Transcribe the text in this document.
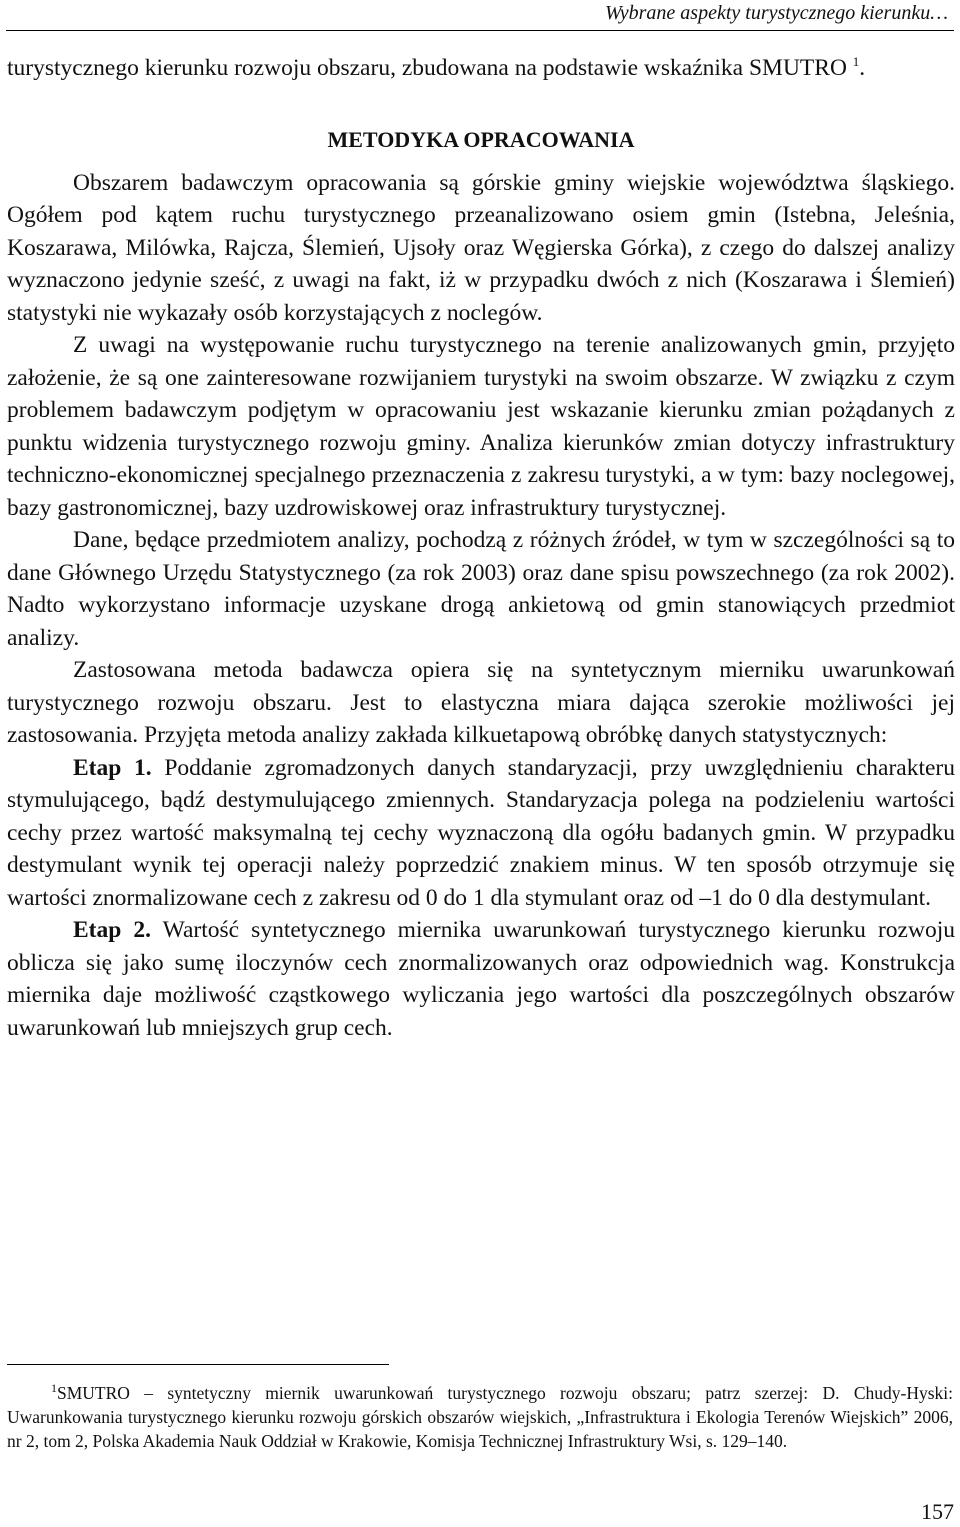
Wybrane aspekty turystycznego kierunku…

turystycznego kierunku rozwoju obszaru, zbudowana na podstawie wskaźnika SMUTRO $^1$.

METODYKA OPRACOWANIA

Obszarem badawczym opracowania są górskie gminy wiejskie województwa śląskiego. Ogółem pod kątem ruchu turystycznego przeanalizowano osiem gmin (Istebna, Jeleśnia, Koszarawa, Milówka, Rajcza, Ślemień, Ujsoły oraz Węgierska Górka), z czego do dalszej analizy wyznaczono jedynie sześć, z uwagi na fakt, iż w przypadku dwóch z nich (Koszarawa i Ślemień) statystyki nie wykazały osób korzystających z noclegów.

Z uwagi na występowanie ruchu turystycznego na terenie analizowanych gmin, przyjęto założenie, że są one zainteresowane rozwijaniem turystyki na swoim obszarze. W związku z czym problemem badawczym podjętym w opracowaniu jest wskazanie kierunku zmian pożądanych z punktu widzenia turystycznego rozwoju gminy. Analiza kierunków zmian dotyczy infrastruktury techniczno-ekonomicznej specjalnego przeznaczenia z zakresu turystyki, a w tym: bazy noclegowej, bazy gastronomicznej, bazy uzdrowiskowej oraz infrastruktury turystycznej.

Dane, będące przedmiotem analizy, pochodzą z różnych źródeł, w tym w szczególności są to dane Głównego Urzędu Statystycznego (za rok 2003) oraz dane spisu powszechnego (za rok 2002). Nadto wykorzystano informacje uzyskane drogą ankietową od gmin stanowiących przedmiot analizy.

Zastosowana metoda badawcza opiera się na syntetycznym mierniku uwarunkowań turystycznego rozwoju obszaru. Jest to elastyczna miara dająca szerokie możliwości jej zastosowania. Przyjęta metoda analizy zakłada kilkuetapową obróbkę danych statystycznych:

Etap 1. Poddanie zgromadzonych danych standaryzacji, przy uwzględnieniu charakteru stymulującego, bądź destymulującego zmiennych. Standaryzacja polega na podzieleniu wartości cechy przez wartość maksymalną tej cechy wyznaczoną dla ogółu badanych gmin. W przypadku destymulant wynik tej operacji należy poprzedzić znakiem minus. W ten sposób otrzymuje się wartości znormalizowane cech z zakresu od 0 do 1 dla stymulant oraz od –1 do 0 dla destymulant.

Etap 2. Wartość syntetycznego miernika uwarunkowań turystycznego kierunku rozwoju oblicza się jako sumę iloczynów cech znormalizowanych oraz odpowiednich wag. Konstrukcja miernika daje możliwość cząstkowego wyliczania jego wartości dla poszczególnych obszarów uwarunkowań lub mniejszych grup cech.

$^1$SMUTRO – syntetyczny miernik uwarunkowań turystycznego rozwoju obszaru; patrz szerzej: D. Chudy-Hyski: Uwarunkowania turystycznego kierunku rozwoju górskich obszarów wiejskich, „Infrastruktura i Ekologia Terenów Wiejskich” 2006, nr 2, tom 2, Polska Akademia Nauk Oddział w Krakowie, Komisja Technicznej Infrastruktury Wsi, s. 129–140.

157
